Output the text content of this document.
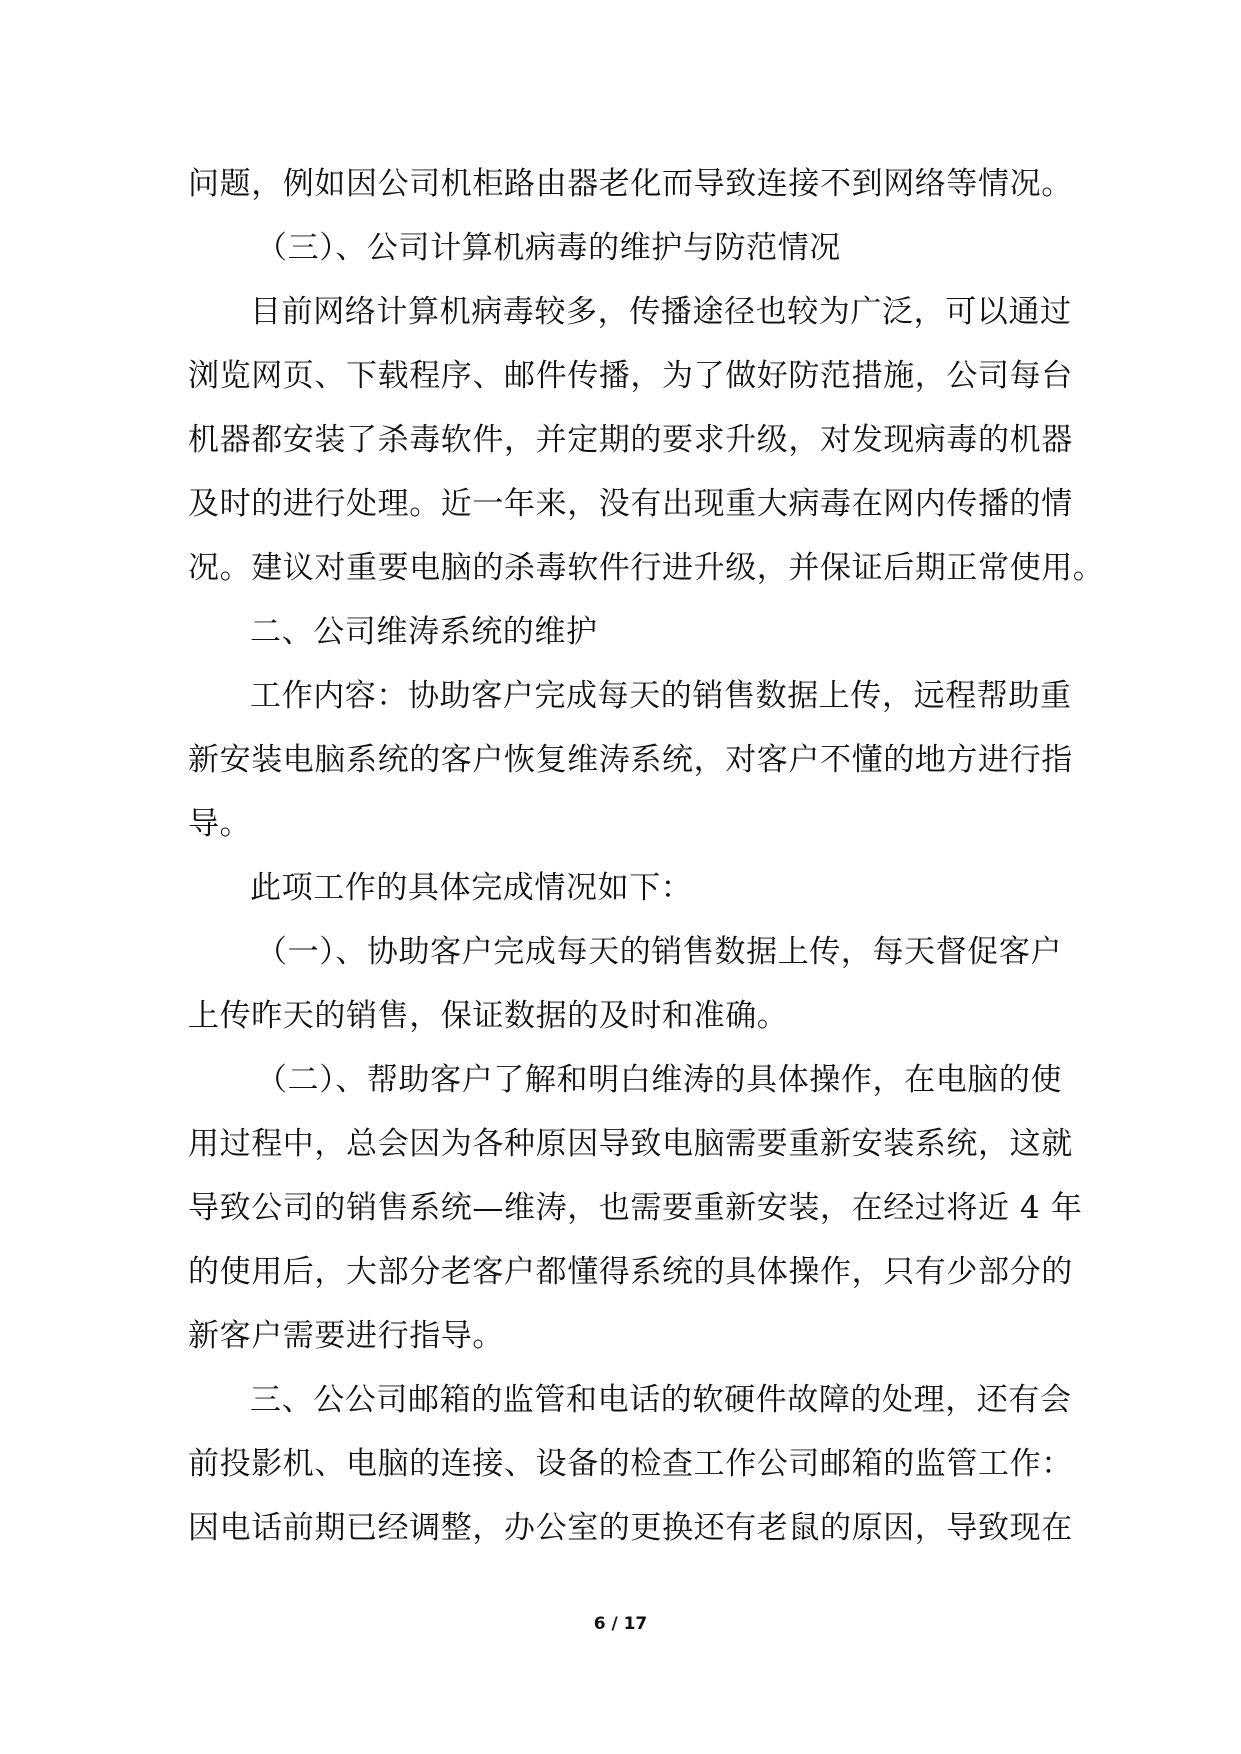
问题，例如因公司机柜路由器老化而导致连接不到网络等情况。
（三）、公司计算机病毒的维护与防范情况
目前网络计算机病毒较多，传播途径也较为广泛，可以通过
浏览网页、下载程序、邮件传播，为了做好防范措施，公司每台
机器都安装了杀毒软件，并定期的要求升级，对发现病毒的机器
及时的进行处理。近一年来，没有出现重大病毒在网内传播的情
况。建议对重要电脑的杀毒软件行进升级，并保证后期正常使用。
二、公司维涛系统的维护
工作内容：协助客户完成每天的销售数据上传，远程帮助重
新安装电脑系统的客户恢复维涛系统，对客户不懂的地方进行指
导。
此项工作的具体完成情况如下：
（一）、协助客户完成每天的销售数据上传，每天督促客户
上传昨天的销售，保证数据的及时和准确。
（二）、帮助客户了解和明白维涛的具体操作，在电脑的使
用过程中，总会因为各种原因导致电脑需要重新安装系统，这就
导致公司的销售系统—维涛，也需要重新安装，在经过将近 4 年
的使用后，大部分老客户都懂得系统的具体操作，只有少部分的
新客户需要进行指导。
三、公公司邮箱的监管和电话的软硬件故障的处理，还有会
前投影机、电脑的连接、设备的检查工作公司邮箱的监管工作：
因电话前期已经调整，办公室的更换还有老鼠的原因，导致现在
6 / 17
